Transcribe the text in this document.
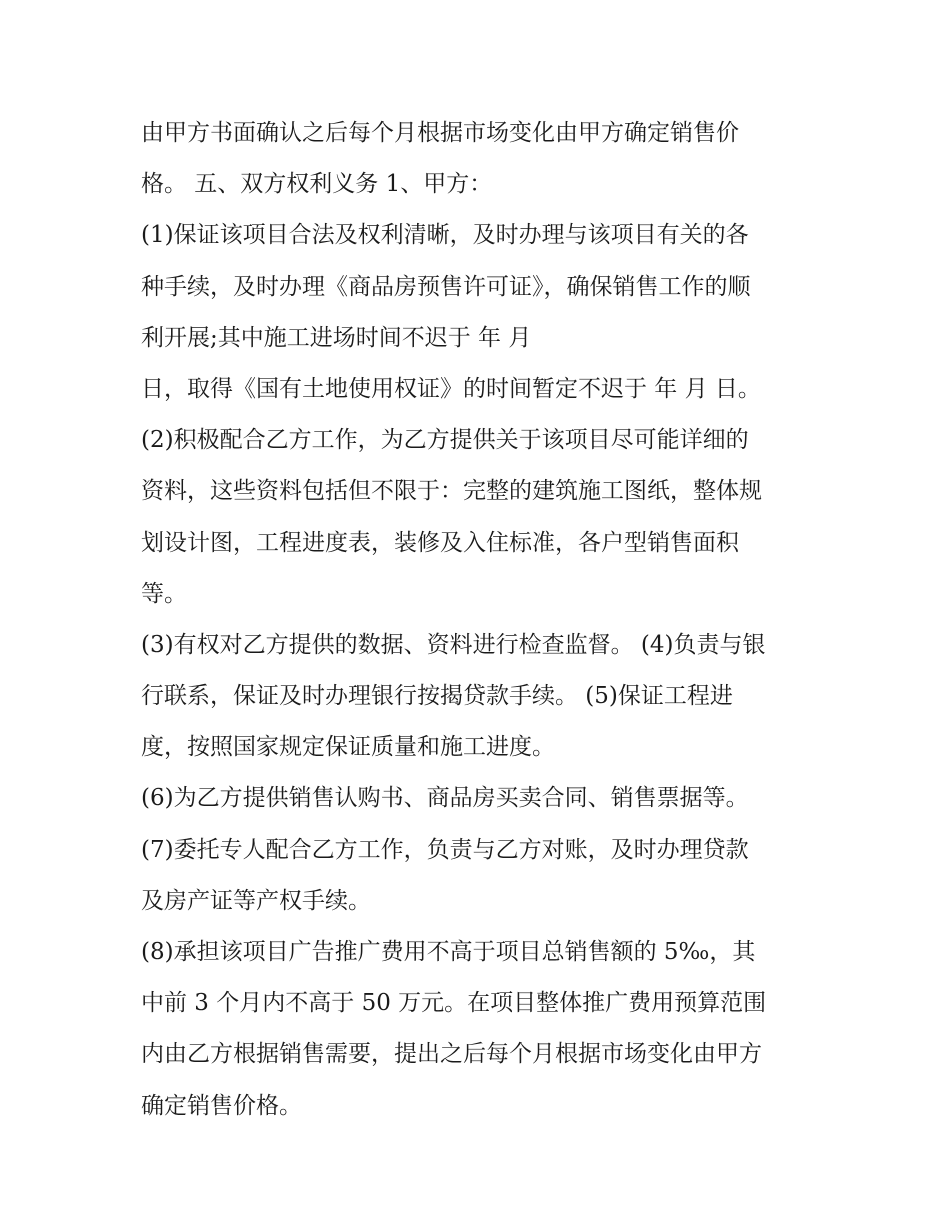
由甲方书面确认之后每个月根据市场变化由甲方确定销售价
格。 五、双方权利义务 1、甲方：
(1)保证该项目合法及权利清晰，及时办理与该项目有关的各
种手续，及时办理《商品房预售许可证》，确保销售工作的顺
利开展;其中施工进场时间不迟于 年 月
日，取得《国有土地使用权证》的时间暂定不迟于 年 月 日。
(2)积极配合乙方工作，为乙方提供关于该项目尽可能详细的
资料，这些资料包括但不限于：完整的建筑施工图纸，整体规
划设计图，工程进度表，装修及入住标准，各户型销售面积
等。
(3)有权对乙方提供的数据、资料进行检查监督。 (4)负责与银
行联系，保证及时办理银行按揭贷款手续。 (5)保证工程进
度，按照国家规定保证质量和施工进度。
(6)为乙方提供销售认购书、商品房买卖合同、销售票据等。
(7)委托专人配合乙方工作，负责与乙方对账，及时办理贷款
及房产证等产权手续。
(8)承担该项目广告推广费用不高于项目总销售额的 5‰，其
中前 3 个月内不高于 50 万元。在项目整体推广费用预算范围
内由乙方根据销售需要，提出之后每个月根据市场变化由甲方
确定销售价格。
